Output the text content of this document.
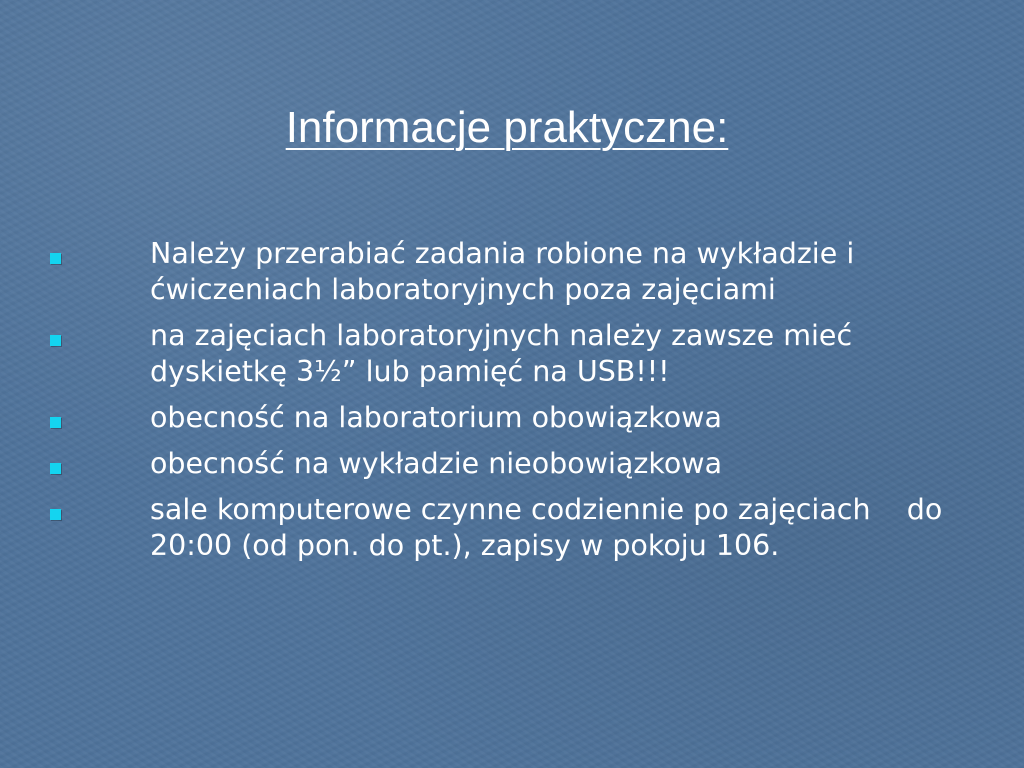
Informacje praktyczne:
Należy przerabiać zadania robione na wykładzie i ćwiczeniach laboratoryjnych poza zajęciami
na zajęciach laboratoryjnych należy zawsze mieć  dyskietkę 3½” lub pamięć na USB!!!
obecność na laboratorium obowiązkowa
obecność na wykładzie nieobowiązkowa
sale komputerowe czynne codziennie po zajęciach    do 20:00 (od pon. do pt.), zapisy w pokoju 106.
